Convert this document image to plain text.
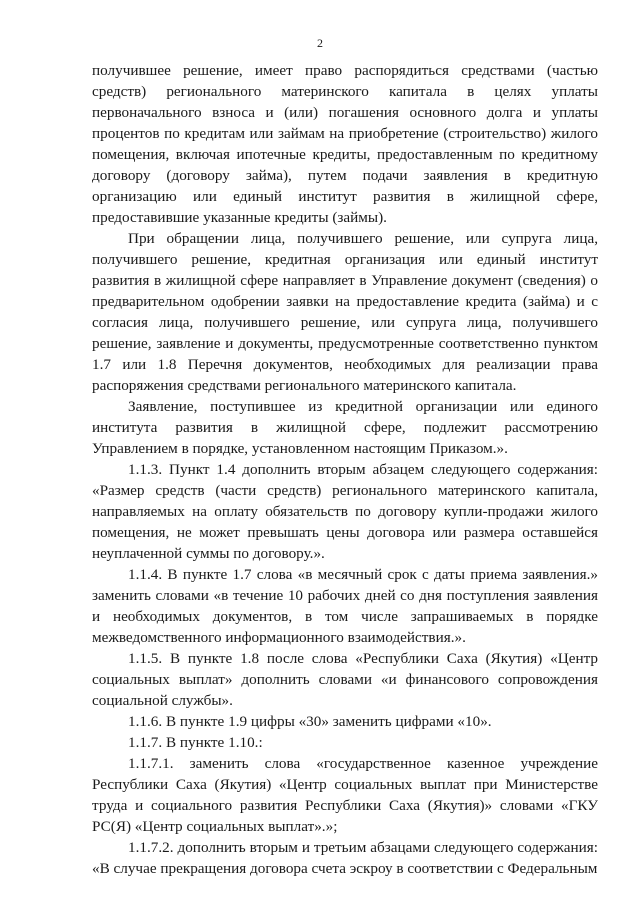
2

получившее решение, имеет право распорядиться средствами (частью средств) регионального материнского капитала в целях уплаты первоначального взноса и (или) погашения основного долга и уплаты процентов по кредитам или займам на приобретение (строительство) жилого помещения, включая ипотечные кредиты, предоставленным по кредитному договору (договору займа), путем подачи заявления в кредитную организацию или единый институт развития в жилищной сфере, предоставившие указанные кредиты (займы).

При обращении лица, получившего решение, или супруга лица, получившего решение, кредитная организация или единый институт развития в жилищной сфере направляет в Управление документ (сведения) о предварительном одобрении заявки на предоставление кредита (займа) и с согласия лица, получившего решение, или супруга лица, получившего решение, заявление и документы, предусмотренные соответственно пунктом 1.7 или 1.8 Перечня документов, необходимых для реализации права распоряжения средствами регионального материнского капитала.

Заявление, поступившее из кредитной организации или единого института развития в жилищной сфере, подлежит рассмотрению Управлением в порядке, установленном настоящим Приказом.».

1.1.3. Пункт 1.4 дополнить вторым абзацем следующего содержания: «Размер средств (части средств) регионального материнского капитала, направляемых на оплату обязательств по договору купли-продажи жилого помещения, не может превышать цены договора или размера оставшейся неуплаченной суммы по договору.».

1.1.4. В пункте 1.7 слова «в месячный срок с даты приема заявления.» заменить словами «в течение 10 рабочих дней со дня поступления заявления и необходимых документов, в том числе запрашиваемых в порядке межведомственного информационного взаимодействия.».

1.1.5. В пункте 1.8 после слова «Республики Саха (Якутия) «Центр социальных выплат» дополнить словами «и финансового сопровождения социальной службы».

1.1.6. В пункте 1.9 цифры «30» заменить цифрами «10».

1.1.7. В пункте 1.10.:

1.1.7.1. заменить слова «государственное казенное учреждение Республики Саха (Якутия) «Центр социальных выплат при Министерстве труда и социального развития Республики Саха (Якутия)» словами «ГКУ РС(Я) «Центр социальных выплат».»;

1.1.7.2. дополнить вторым и третьим абзацами следующего содержания: «В случае прекращения договора счета эскроу в соответствии с Федеральным
